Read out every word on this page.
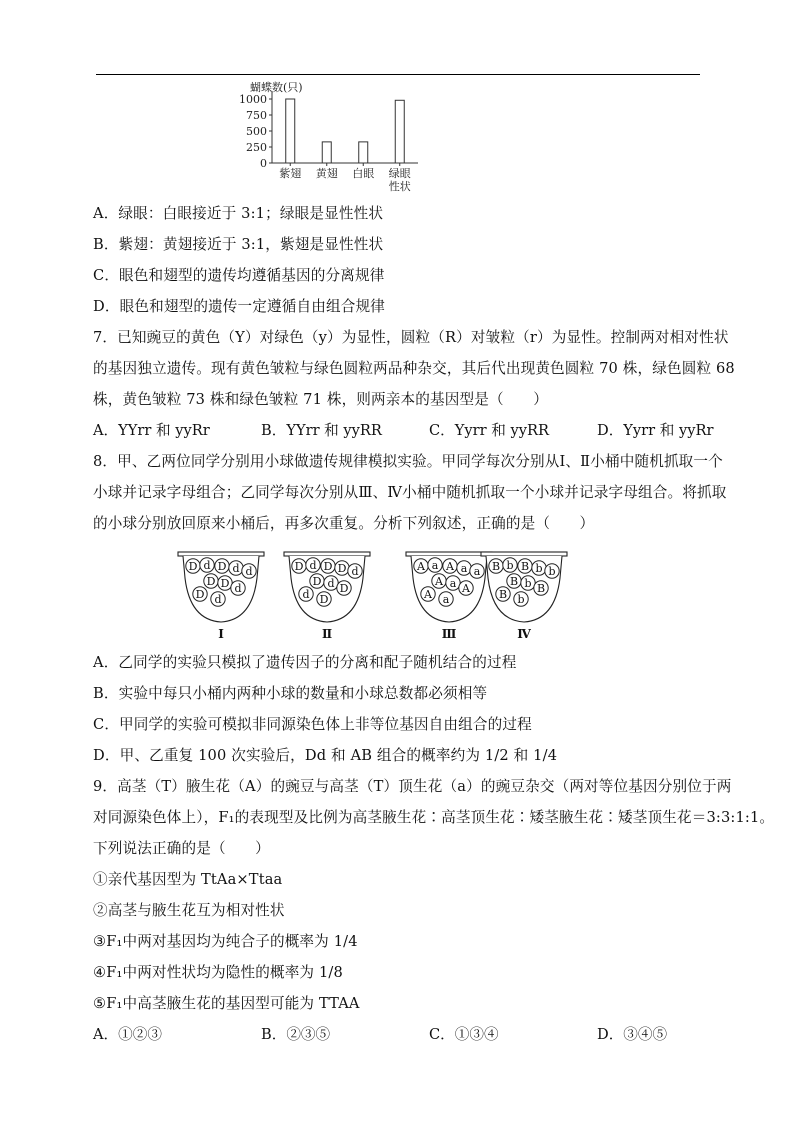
蝴蝶数(只)
1000
750
500
250
0
紫翅 黄翅 白眼 绿眼
性状
A．绿眼：白眼接近于 3:1；绿眼是显性性状
B．紫翅：黄翅接近于 3:1，紫翅是显性性状
C．眼色和翅型的遗传均遵循基因的分离规律
D．眼色和翅型的遗传一定遵循自由组合规律
7．已知豌豆的黄色（Y）对绿色（y）为显性，圆粒（R）对皱粒（r）为显性。控制两对相对性状
的基因独立遗传。现有黄色皱粒与绿色圆粒两品种杂交，其后代出现黄色圆粒 70 株，绿色圆粒 68
株，黄色皱粒 73 株和绿色皱粒 71 株，则两亲本的基因型是（　　）
A．YYrr 和 yyRr	B．YYrr 和 yyRR	C．Yyrr 和 yyRR	D．Yyrr 和 yyRr
8．甲、乙两位同学分别用小球做遗传规律模拟实验。甲同学每次分别从Ⅰ、Ⅱ小桶中随机抓取一个
小球并记录字母组合；乙同学每次分别从Ⅲ、Ⅳ小桶中随机抓取一个小球并记录字母组合。将抓取
的小球分别放回原来小桶后，再多次重复。分析下列叙述，正确的是（　　）
D d D d d
D D d
D d
Ⅰ
D d D D d
D d D
d D
Ⅱ
A a A a a
A a A
A a
Ⅲ
B b B b b
B b B
B b
Ⅳ
A．乙同学的实验只模拟了遗传因子的分离和配子随机结合的过程
B．实验中每只小桶内两种小球的数量和小球总数都必须相等
C．甲同学的实验可模拟非同源染色体上非等位基因自由组合的过程
D．甲、乙重复 100 次实验后，Dd 和 AB 组合的概率约为 1/2 和 1/4
9．高茎（T）腋生花（A）的豌豆与高茎（T）顶生花（a）的豌豆杂交（两对等位基因分别位于两
对同源染色体上），F₁的表现型及比例为高茎腋生花∶高茎顶生花∶矮茎腋生花∶矮茎顶生花＝3:3:1:1。
下列说法正确的是（　　）
①亲代基因型为 TtAa×Ttaa
②高茎与腋生花互为相对性状
③F₁中两对基因均为纯合子的概率为 1/4
④F₁中两对性状均为隐性的概率为 1/8
⑤F₁中高茎腋生花的基因型可能为 TTAA
A．①②③	B．②③⑤	C．①③④	D．③④⑤
